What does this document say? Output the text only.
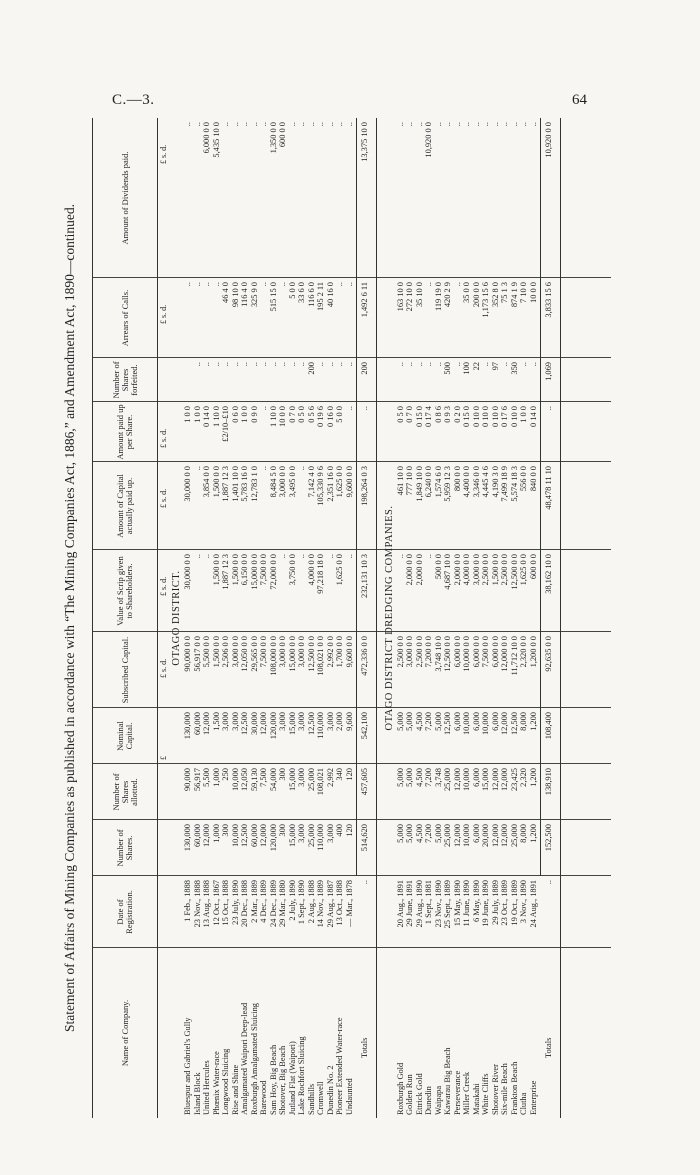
C.—3.	64
Statement of Affairs of Mining Companies as published in accordance with “The Mining Companies Act, 1886,” and Amendment Act, 1890—continued.
Name of Company.
Date of Registration.
Number of Shares.
Number of Shares allotted.
Nominal Capital.
Subscribed Capital.
Value of Scrip given to Shareholders.
Amount of Capital actually paid up.
Amount paid up per Share.
Number of Shares forfeited.
Arrears of Calls.
Amount of Dividends paid.
£
£ s. d.
£ s. d.
£ s. d.
£ s. d.
£ s. d.
£ s. d.
OTAGO DISTRICT.
Bluespur and Gabriel's Gully
1 Feb., 1888
130,000
90,000
130,000
90,000 0 0
30,000 0 0
30,000 0 0
1 0 0
..
..
Island Block
23 Nov., 1888
60,000
56,917
60,000
56,917 0 0
..
..
1 0 0
..
..
..
United Hercules
13 Aug., 1888
12,000
5,500
12,000
5,500 0 0
..
3,854 0 0
0 14 0
..
..
6,000 0 0
Phœnix Water-race
12 Oct., 1867
1,000
1,000
1,500
1,500 0 0
1,500 0 0
1,500 0 0
1 10 0
..
..
5,435 10 0
Longwood Sluicing
15 Oct., 1888
300
250
3,000
2,506 0 0
1,887 12 3
1,887 12 3
£2/10–£10
..
46 4 0
..
Rise and Shine
23 July, 1890
10,000
10,000
3,000
3,000 0 0
1,500 0 0
1,401 10 0
0 6 0
..
98 10 0
..
Amalgamated Waipori Deep-lead
20 Dec., 1888
12,500
12,050
12,500
12,050 0 0
6,150 0 0
5,783 16 0
1 0 0
..
116 4 0
..
Roxburgh Amalgamated Sluicing
2 Mar., 1889
60,000
59,130
30,000
29,565 0 0
15,000 0 0
12,783 1 0
0 9 0
..
325 9 0
..
Barewood
4 Dec., 1889
12,000
7,500
12,000
7,500 0 0
7,500 0 0
..
..
..
..
..
Sam Hoy, Big Beach
24 Dec., 1889
120,000
54,000
120,000
108,000 0 0
72,000 0 0
8,484 5 0
1 10 0
..
515 15 0
1,350 0 0
Shotover, Big Beach
29 Mar., 1880
300
300
3,000
3,000 0 0
..
3,000 0 0
10 0 0
..
..
600 0 0
Jutland Flat (Waipori)
2 July, 1890
15,000
15,000
15,000
15,000 0 0
3,750 0 0
3,495 0 0
0 7 0
..
5 0 0
..
Lake Rochfort Sluicing
1 Sept., 1890
3,000
3,000
3,000
3,000 0 0
..
..
0 5 0
..
33 6 0
..
Sandhills
2 Aug., 1888
25,000
25,000
12,500
12,500 0 0
4,000 0 0
7,142 4 0
0 5 6
200
116 6 0
..
Cromwell
14 Nov., 1889
110,000
108,021
110,000
108,021 0 0
97,218 18 0
105,330 9 6
0 19 6
..
195 2 11
..
Dunedin No. 2
29 Aug., 1887
3,000
2,992
3,000
2,992 0 0
..
2,351 16 0
0 16 0
..
40 16 0
..
Pioneer Extended Water-race
13 Oct., 1888
400
340
2,000
1,700 0 0
1,625 0 0
1,625 0 0
5 0 0
..
..
..
Undaunted
— Mar., 1878
120
120
9,600
9,600 0 0
..
9,600 0 0
..
..
..
..
Totals
..
514,620
457,605
542,100
472,336 0 0
232,131 10 3
198,264 0 3
..
200
1,492 6 11
13,375 10 0
OTAGO DISTRICT DREDGING COMPANIES.
Roxburgh Gold
20 Aug., 1891
5,000
5,000
5,000
2,500 0 0
..
461 10 0
0 5 0
..
163 10 0
..
Golden Run
29 June, 1891
5,000
5,000
5,000
3,000 0 0
2,000 0 0
777 10 0
0 7 0
..
272 10 0
..
Ettrick Gold
29 Aug., 1890
4,500
4,500
4,500
2,500 0 0
2,000 0 0
1,849 10 0
0 15 0
..
35 10 0
..
Dunedin
1 Sept., 1881
7,200
7,200
7,200
7,200 0 0
..
6,240 0 0
0 17 4
..
..
10,920 0 0
Waipapa
23 Nov., 1890
5,000
3,748
5,000
3,748 10 0
500 0 0
1,574 6 0
0 8 6
..
119 19 0
..
Kawarau Big Beach
25 Sept., 1889
25,000
25,000
12,500
12,500 0 0
4,687 10 0
5,959 12 3
0 9 3
500
420 2 9
..
Perseverance
15 May, 1890
12,000
12,000
6,000
6,000 0 0
2,000 0 0
800 0 0
0 2 0
..
..
..
Miller Creek
11 June, 1890
10,000
10,000
10,000
10,000 0 0
4,000 0 0
4,400 0 0
0 15 0
100
35 0 0
..
Matakahi
6 May, 1890
6,000
6,000
6,000
6,000 0 0
3,000 0 0
3,346 0 0
0 10 0
22
200 0 0
..
White Cliffs
19 June, 1890
20,000
15,000
10,000
7,500 0 0
2,500 0 0
4,445 4 6
0 10 0
..
1,173 15 6
..
Shotover River
29 July, 1889
12,000
12,000
6,000
6,000 0 0
1,500 0 0
4,190 3 0
0 10 0
97
352 8 0
..
Six-mile Beach
23 Oct., 1889
12,000
12,000
12,000
12,000 0 0
2,500 0 0
7,499 18 9
0 17 6
..
75 1 3
..
Frankton Beach
19 Oct., 1889
25,000
23,425
12,500
11,712 10 0
12,500 0 0
5,574 18 3
0 10 0
350
874 1 9
..
Clutha
3 Nov., 1890
8,000
2,320
8,000
2,320 0 0
1,625 0 0
556 0 0
1 0 0
..
7 10 0
..
Enterprise
24 Aug., 1891
1,200
1,200
1,200
1,200 0 0
600 0 0
840 0 0
0 14 0
..
10 0 0
..
Totals
..
152,500
138,910
108,400
92,635 0 0
38,162 10 0
48,478 11 10
..
1,069
3,833 15 6
10,920 0 0
